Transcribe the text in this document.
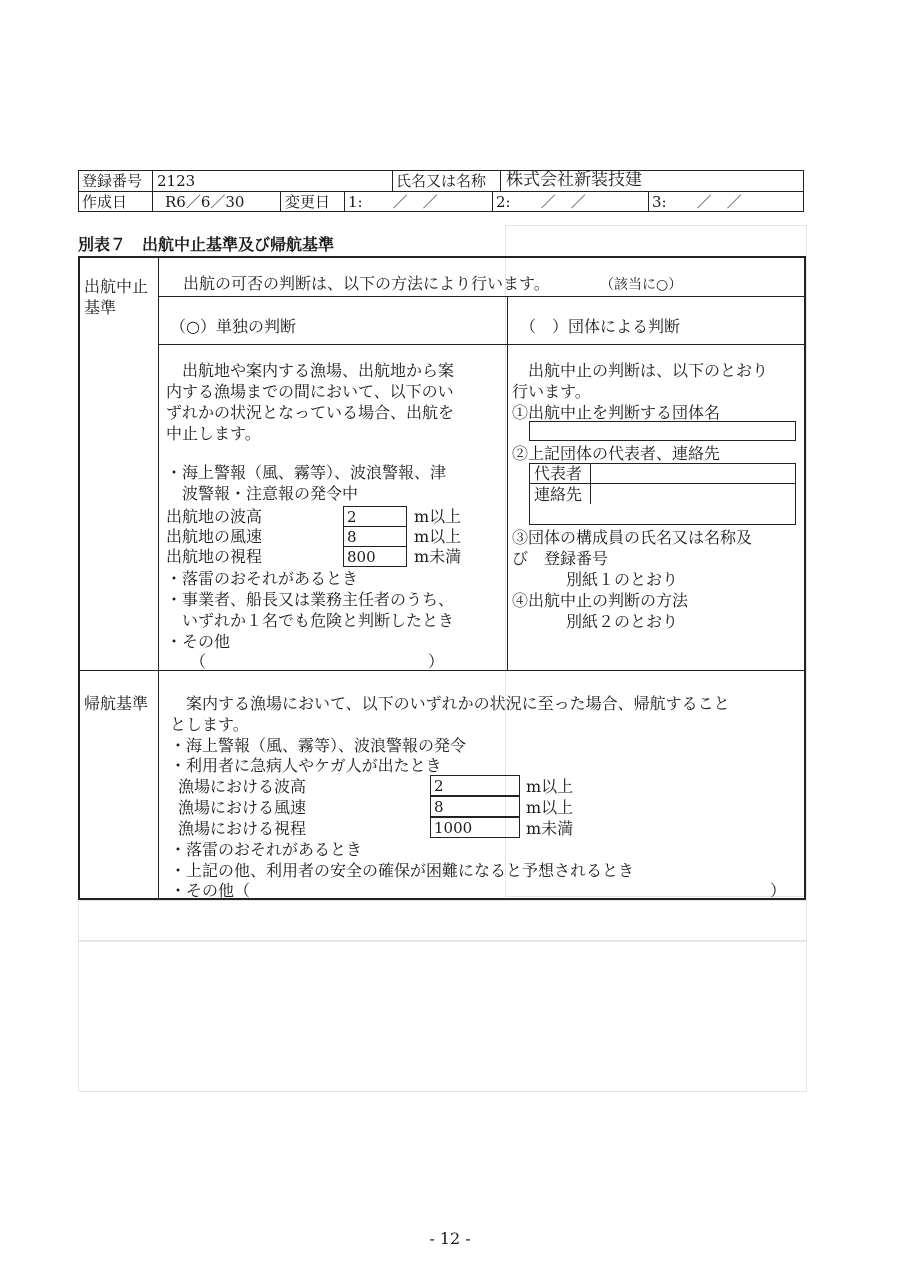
登録番号 2123	氏名又は名称 株式会社新装技建
作成日	R6／6／30	変更日 1:　　／　／	2:　　／　／	3:　　／　／
別表７　出航中止基準及び帰航基準
出航中止
基準
出航の可否の判断は、以下の方法により行います。	（該当に○）
（○）単独の判断	（　）団体による判断
　出航地や案内する漁場、出航地から案
内する漁場までの間において、以下のい
ずれかの状況となっている場合、出航を
中止します。
・海上警報（風、霧等）、波浪警報、津
　波警報・注意報の発令中
出航地の波高	2	m以上
出航地の風速	8	m以上
出航地の視程	800	m未満
・落雷のおそれがあるとき
・事業者、船長又は業務主任者のうち、
　いずれか１名でも危険と判断したとき
・その他
（	）
　出航中止の判断は、以下のとおり
行います。
①出航中止を判断する団体名
②上記団体の代表者、連絡先
代表者
連絡先
③団体の構成員の氏名又は名称及
び　登録番号
別紙１のとおり
④出航中止の判断の方法
別紙２のとおり
帰航基準 　案内する漁場において、以下のいずれかの状況に至った場合、帰航すること
とします。
・海上警報（風、霧等）、波浪警報の発令
・利用者に急病人やケガ人が出たとき
漁場における波高	2	m以上
漁場における風速	8	m以上
漁場における視程	1000	m未満
・落雷のおそれがあるとき
・上記の他、利用者の安全の確保が困難になると予想されるとき
・その他（	）
- 12 -
